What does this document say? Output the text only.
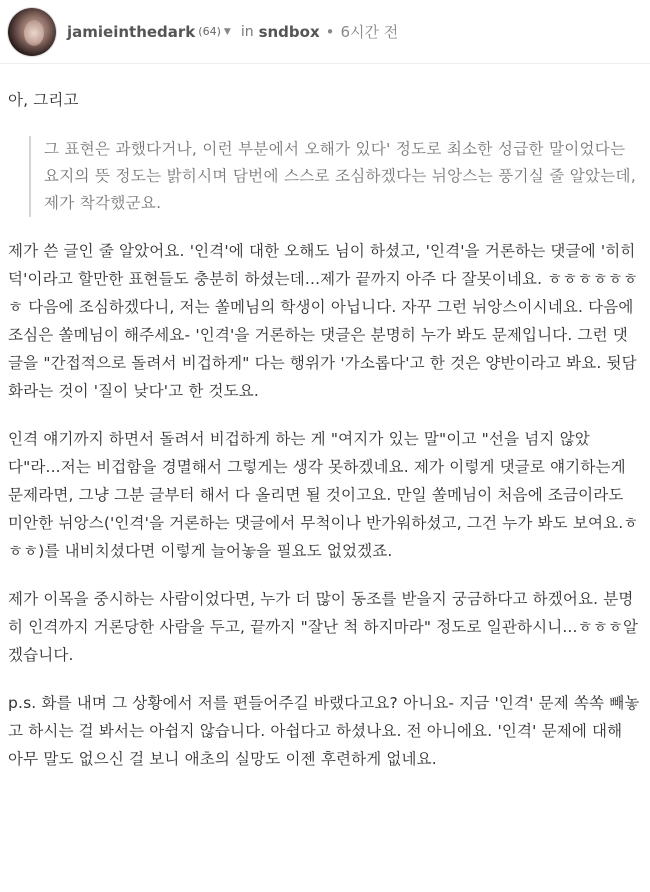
jamieinthedark (64) ▼ in sndbox • 6시간 전

아, 그리고

그 표현은 과했다거나, 이런 부분에서 오해가 있다' 정도로 최소한 성급한 말이었다는 요지의 뜻 정도는 밝히시며 담번에 스스로 조심하겠다는 뉘앙스는 풍기실 줄 알았는데, 제가 착각했군요.

제가 쓴 글인 줄 알았어요. '인격'에 대한 오해도 님이 하셨고, '인격'을 거론하는 댓글에 '히히덕'이라고 할만한 표현들도 충분히 하셨는데...제가 끝까지 아주 다 잘못이네요. ㅎㅎㅎㅎㅎㅎㅎ 다음에 조심하겠다니, 저는 쏠메님의 학생이 아닙니다. 자꾸 그런 뉘앙스이시네요. 다음에 조심은 쏠메님이 해주세요- '인격'을 거론하는 댓글은 분명히 누가 봐도 문제입니다. 그런 댓글을 "간접적으로 돌려서 비겁하게" 다는 행위가 '가소롭다'고 한 것은 양반이라고 봐요. 뒷담화라는 것이 '질이 낮다'고 한 것도요.

인격 얘기까지 하면서 돌려서 비겁하게 하는 게 "여지가 있는 말"이고 "선을 넘지 않았다"라...저는 비겁함을 경멸해서 그렇게는 생각 못하겠네요. 제가 이렇게 댓글로 얘기하는게 문제라면, 그냥 그분 글부터 해서 다 올리면 될 것이고요. 만일 쏠메님이 처음에 조금이라도 미안한 뉘앙스('인격'을 거론하는 댓글에서 무척이나 반가워하셨고, 그건 누가 봐도 보여요.ㅎㅎㅎ)를 내비치셨다면 이렇게 늘어놓을 필요도 없었겠죠.

제가 이목을 중시하는 사람이었다면, 누가 더 많이 동조를 받을지 궁금하다고 하겠어요. 분명히 인격까지 거론당한 사람을 두고, 끝까지 "잘난 척 하지마라" 정도로 일관하시니...ㅎㅎㅎ알겠습니다.

p.s. 화를 내며 그 상황에서 저를 편들어주길 바랬다고요? 아니요- 지금 '인격' 문제 쏙쏙 빼놓고 하시는 걸 봐서는 아쉽지 않습니다. 아쉽다고 하셨나요. 전 아니에요. '인격' 문제에 대해 아무 말도 없으신 걸 보니 애초의 실망도 이젠 후련하게 없네요.
